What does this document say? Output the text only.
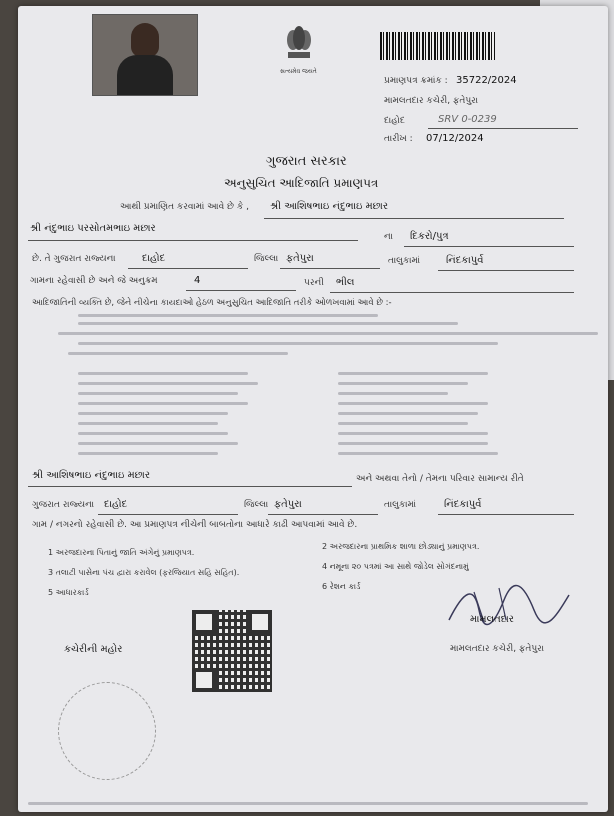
સત્યમેવ જયતે
પ્રમાણપત્ર ક્રમાંક : 35722/2024
મામલતદાર કચેરી, ફતેપુરા
દાહોદ	SRV 0-0239
તારીખ : 07/12/2024
ગુજરાત સરકાર
અનુસુચિત આદિજાતિ પ્રમાણપત્ર
આથી પ્રમાણિત કરવામાં આવે છે કે , શ્રી આશિષભાઇ નંદુભાઇ મછાર
શ્રી નંદુભાઇ પરસોતમભાઇ મછાર
ના દિકરો/પુત્ર
છે. તે ગુજરાત રાજ્યના	દાહોદ	જિલ્લા ફતેપુરા	તાલુકામાં	નિંદકાપુર્વ
ગામના રહેવાસી છે અને જે અનુક્રમ	4	પરની ભીલ
આદિજાતિની વ્યક્તિ છે, જેને નીચેના કાયદાઓ હેઠળ અનુસુચિત આદિજાતિ તરીકે ઓળખવામાં આવે છે :-
શ્રી આશિષભાઇ નંદુભાઇ મછાર	અને અથવા તેનો / તેમના પરિવાર સામાન્ય રીતે
ગુજરાત રાજ્યના દાહોદ	જિલ્લા ફતેપુરા	તાલુકામાં	નિંદકાપુર્વ
ગામ / નગરનો રહેવાસી છે. આ પ્રમાણપત્ર નીચેની બાબતોના આધારે કાઢી આપવામાં આવે છે.
1 અરજદારના પિતાનું જાતિ અંગેનું પ્રમાણપત્ર.
2 અરજદારના પ્રાથમિક શાળા છોડ્યાનું પ્રમાણપત્ર.
3 તલાટી પાસેના પંચ દ્વારા કરાવેલ (ફરજિયાત સહિ સહિત).
4 નમૂના ૨૦ પત્રમાં આ સાથે જોડેલ સોગંદનામું
5 આધારકાર્ડ
6 રેશન કાર્ડ
મામલતદાર
મામલતદાર કચેરી, ફતેપુરા
કચેરીની મહોર
